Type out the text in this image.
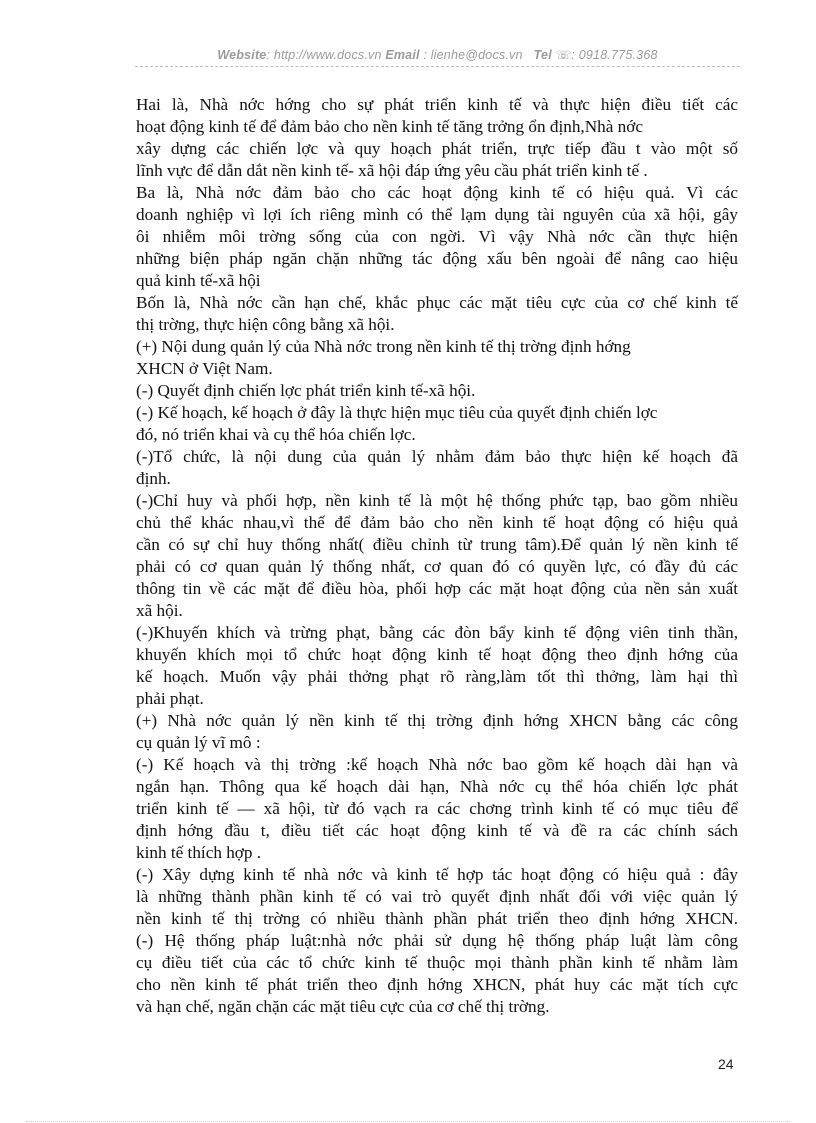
Website: http://www.docs.vn Email : lienhe@docs.vn Tel ☏: 0918.775.368
Hai là, Nhà nớc hớng cho sự phát triển kinh tế và thực hiện điều tiết các
hoạt động kinh tế để đảm bảo cho nền kinh tế tăng trởng ổn định,Nhà nớc
xây dựng các chiến lợc và quy hoạch phát triển, trực tiếp đầu t vào một số
lĩnh vực để dẫn dắt nền kinh tế- xã hội đáp ứng yêu cầu phát triển kinh tế .
Ba là, Nhà nớc đảm bảo cho các hoạt động kinh tế có hiệu quả. Vì các
doanh nghiệp vì lợi ích riêng mình có thể lạm dụng tài nguyên của xã hội, gây
ôi nhiễm môi trờng sống của con ngời. Vì vậy Nhà nớc cần thực hiện
những biện pháp ngăn chặn những tác động xấu bên ngoài để nâng cao hiệu
quả kinh tế-xã hội
Bốn là, Nhà nớc cần hạn chế, khắc phục các mặt tiêu cực của cơ chế kinh tế
thị trờng, thực hiện công bằng xã hội.
(+) Nội dung quản lý của Nhà nớc trong nền kinh tế thị trờng định hớng
XHCN ở Việt Nam.
(-) Quyết định chiến lợc phát triển kinh tế-xã hội.
(-) Kế hoạch, kế hoạch ở đây là thực hiện mục tiêu của quyết định chiến lợc
đó, nó triển khai và cụ thể hóa chiến lợc.
(-)Tổ chức, là nội dung của quản lý nhằm đảm bảo thực hiện kế hoạch đã
định.
(-)Chỉ huy và phối hợp, nền kinh tế là một hệ thống phức tạp, bao gồm nhiều
chủ thể khác nhau,vì thế để đảm bảo cho nền kinh tế hoạt động có hiệu quả
cần có sự chỉ huy thống nhất( điều chỉnh từ trung tâm).Để quản lý nền kinh tế
phải có cơ quan quản lý thống nhất, cơ quan đó có quyền lực, có đầy đủ các
thông tin về các mặt để điều hòa, phối hợp các mặt hoạt động của nền sản xuất
xã hội.
(-)Khuyến khích và trừng phạt, bằng các đòn bẩy kinh tế động viên tinh thần,
khuyến khích mọi tổ chức hoạt động kinh tế hoạt động theo định hớng của
kế hoạch. Muốn vậy phải thởng phạt rõ ràng,làm tốt thì thởng, làm hại thì
phải phạt.
(+) Nhà nớc quản lý nền kinh tế thị trờng định hớng XHCN bằng các công
cụ quản lý vĩ mô :
(-) Kế hoạch và thị trờng :kế hoạch Nhà nớc bao gồm kế hoạch dài hạn và
ngắn hạn. Thông qua kế hoạch dài hạn, Nhà nớc cụ thể hóa chiến lợc phát
triển kinh tế — xã hội, từ đó vạch ra các chơng trình kinh tế có mục tiêu để
định hớng đầu t, điều tiết các hoạt động kinh tế và đề ra các chính sách
kinh tế thích hợp .
(-) Xây dựng kinh tế nhà nớc và kinh tế hợp tác hoạt động có hiệu quả : đây
là những thành phần kinh tế có vai trò quyết định nhất đối với việc quản lý
nền kinh tế thị trờng có nhiều thành phần phát triển theo định hớng XHCN.
(-) Hệ thống pháp luật:nhà nớc phải sử dụng hệ thống pháp luật làm công
cụ điều tiết của các tổ chức kinh tế thuộc mọi thành phần kinh tế nhằm làm
cho nền kinh tế phát triển theo định hớng XHCN, phát huy các mặt tích cực
và hạn chế, ngăn chặn các mặt tiêu cực của cơ chế thị trờng.
24
